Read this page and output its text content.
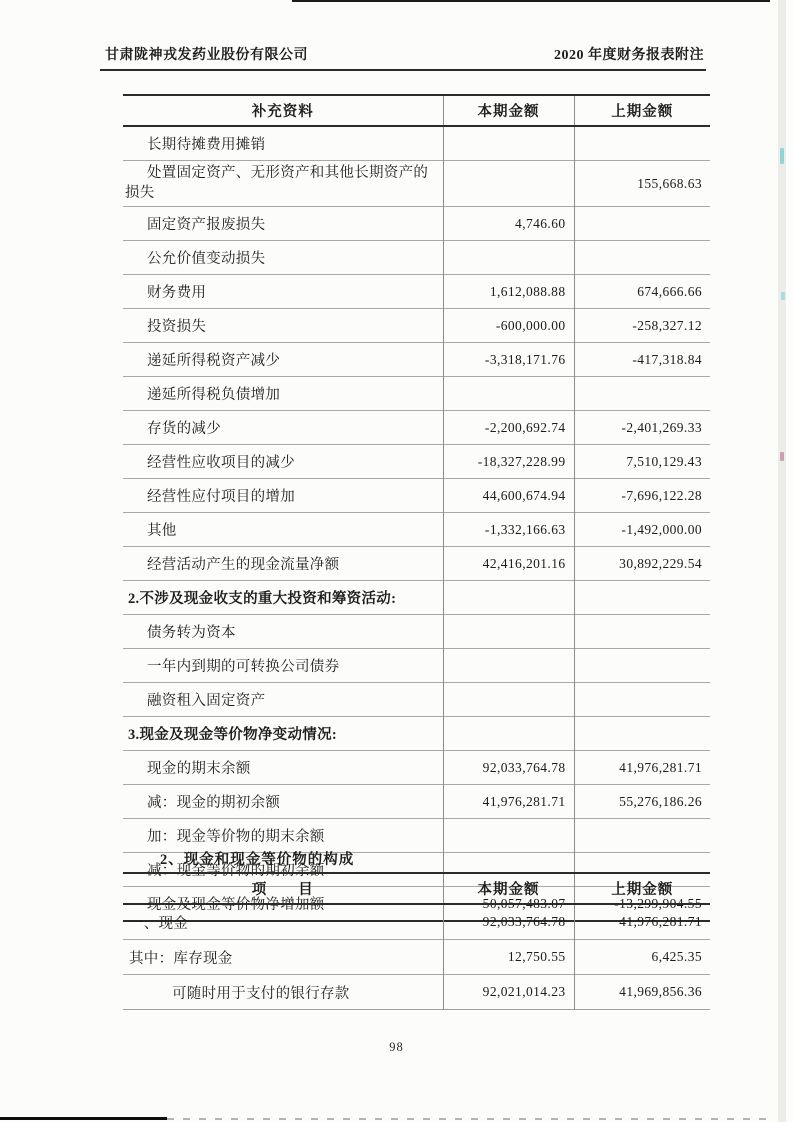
甘肃陇神戎发药业股份有限公司	2020 年度财务报表附注
补充资料	本期金额	上期金额
长期待摊费用摊销		
处置固定资产、无形资产和其他长期资产的损失		155,668.63
固定资产报废损失	4,746.60	
公允价值变动损失		
财务费用	1,612,088.88	674,666.66
投资损失	-600,000.00	-258,327.12
递延所得税资产减少	-3,318,171.76	-417,318.84
递延所得税负债增加		
存货的减少	-2,200,692.74	-2,401,269.33
经营性应收项目的减少	-18,327,228.99	7,510,129.43
经营性应付项目的增加	44,600,674.94	-7,696,122.28
其他	-1,332,166.63	-1,492,000.00
经营活动产生的现金流量净额	42,416,201.16	30,892,229.54
2.不涉及现金收支的重大投资和筹资活动:		
债务转为资本		
一年内到期的可转换公司债券		
融资租入固定资产		
3.现金及现金等价物净变动情况:		
现金的期末余额	92,033,764.78	41,976,281.71
减：现金的期初余额	41,976,281.71	55,276,186.26
加：现金等价物的期末余额		
减：现金等价物的期初余额		
现金及现金等价物净增加额	50,057,483.07	-13,299,904.55
2、现金和现金等价物的构成
项　　目	本期金额	上期金额
一、现金	92,033,764.78	41,976,281.71
其中：库存现金	12,750.55	6,425.35
可随时用于支付的银行存款	92,021,014.23	41,969,856.36
98
